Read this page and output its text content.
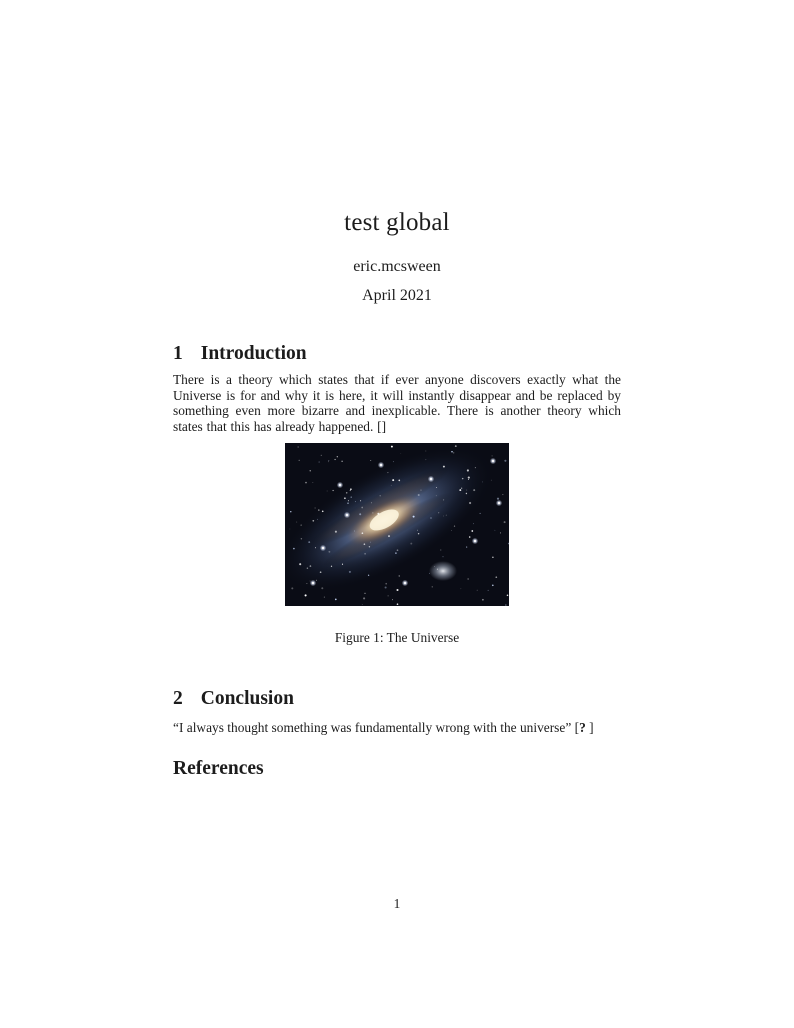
test global
eric.mcsween
April 2021
1 Introduction
There is a theory which states that if ever anyone discovers exactly what the Universe is for and why it is here, it will instantly disappear and be replaced by something even more bizarre and inexplicable. There is another theory which states that this has already happened. []
Figure 1: The Universe
2 Conclusion
“I always thought something was fundamentally wrong with the universe” [? ]
References
1
